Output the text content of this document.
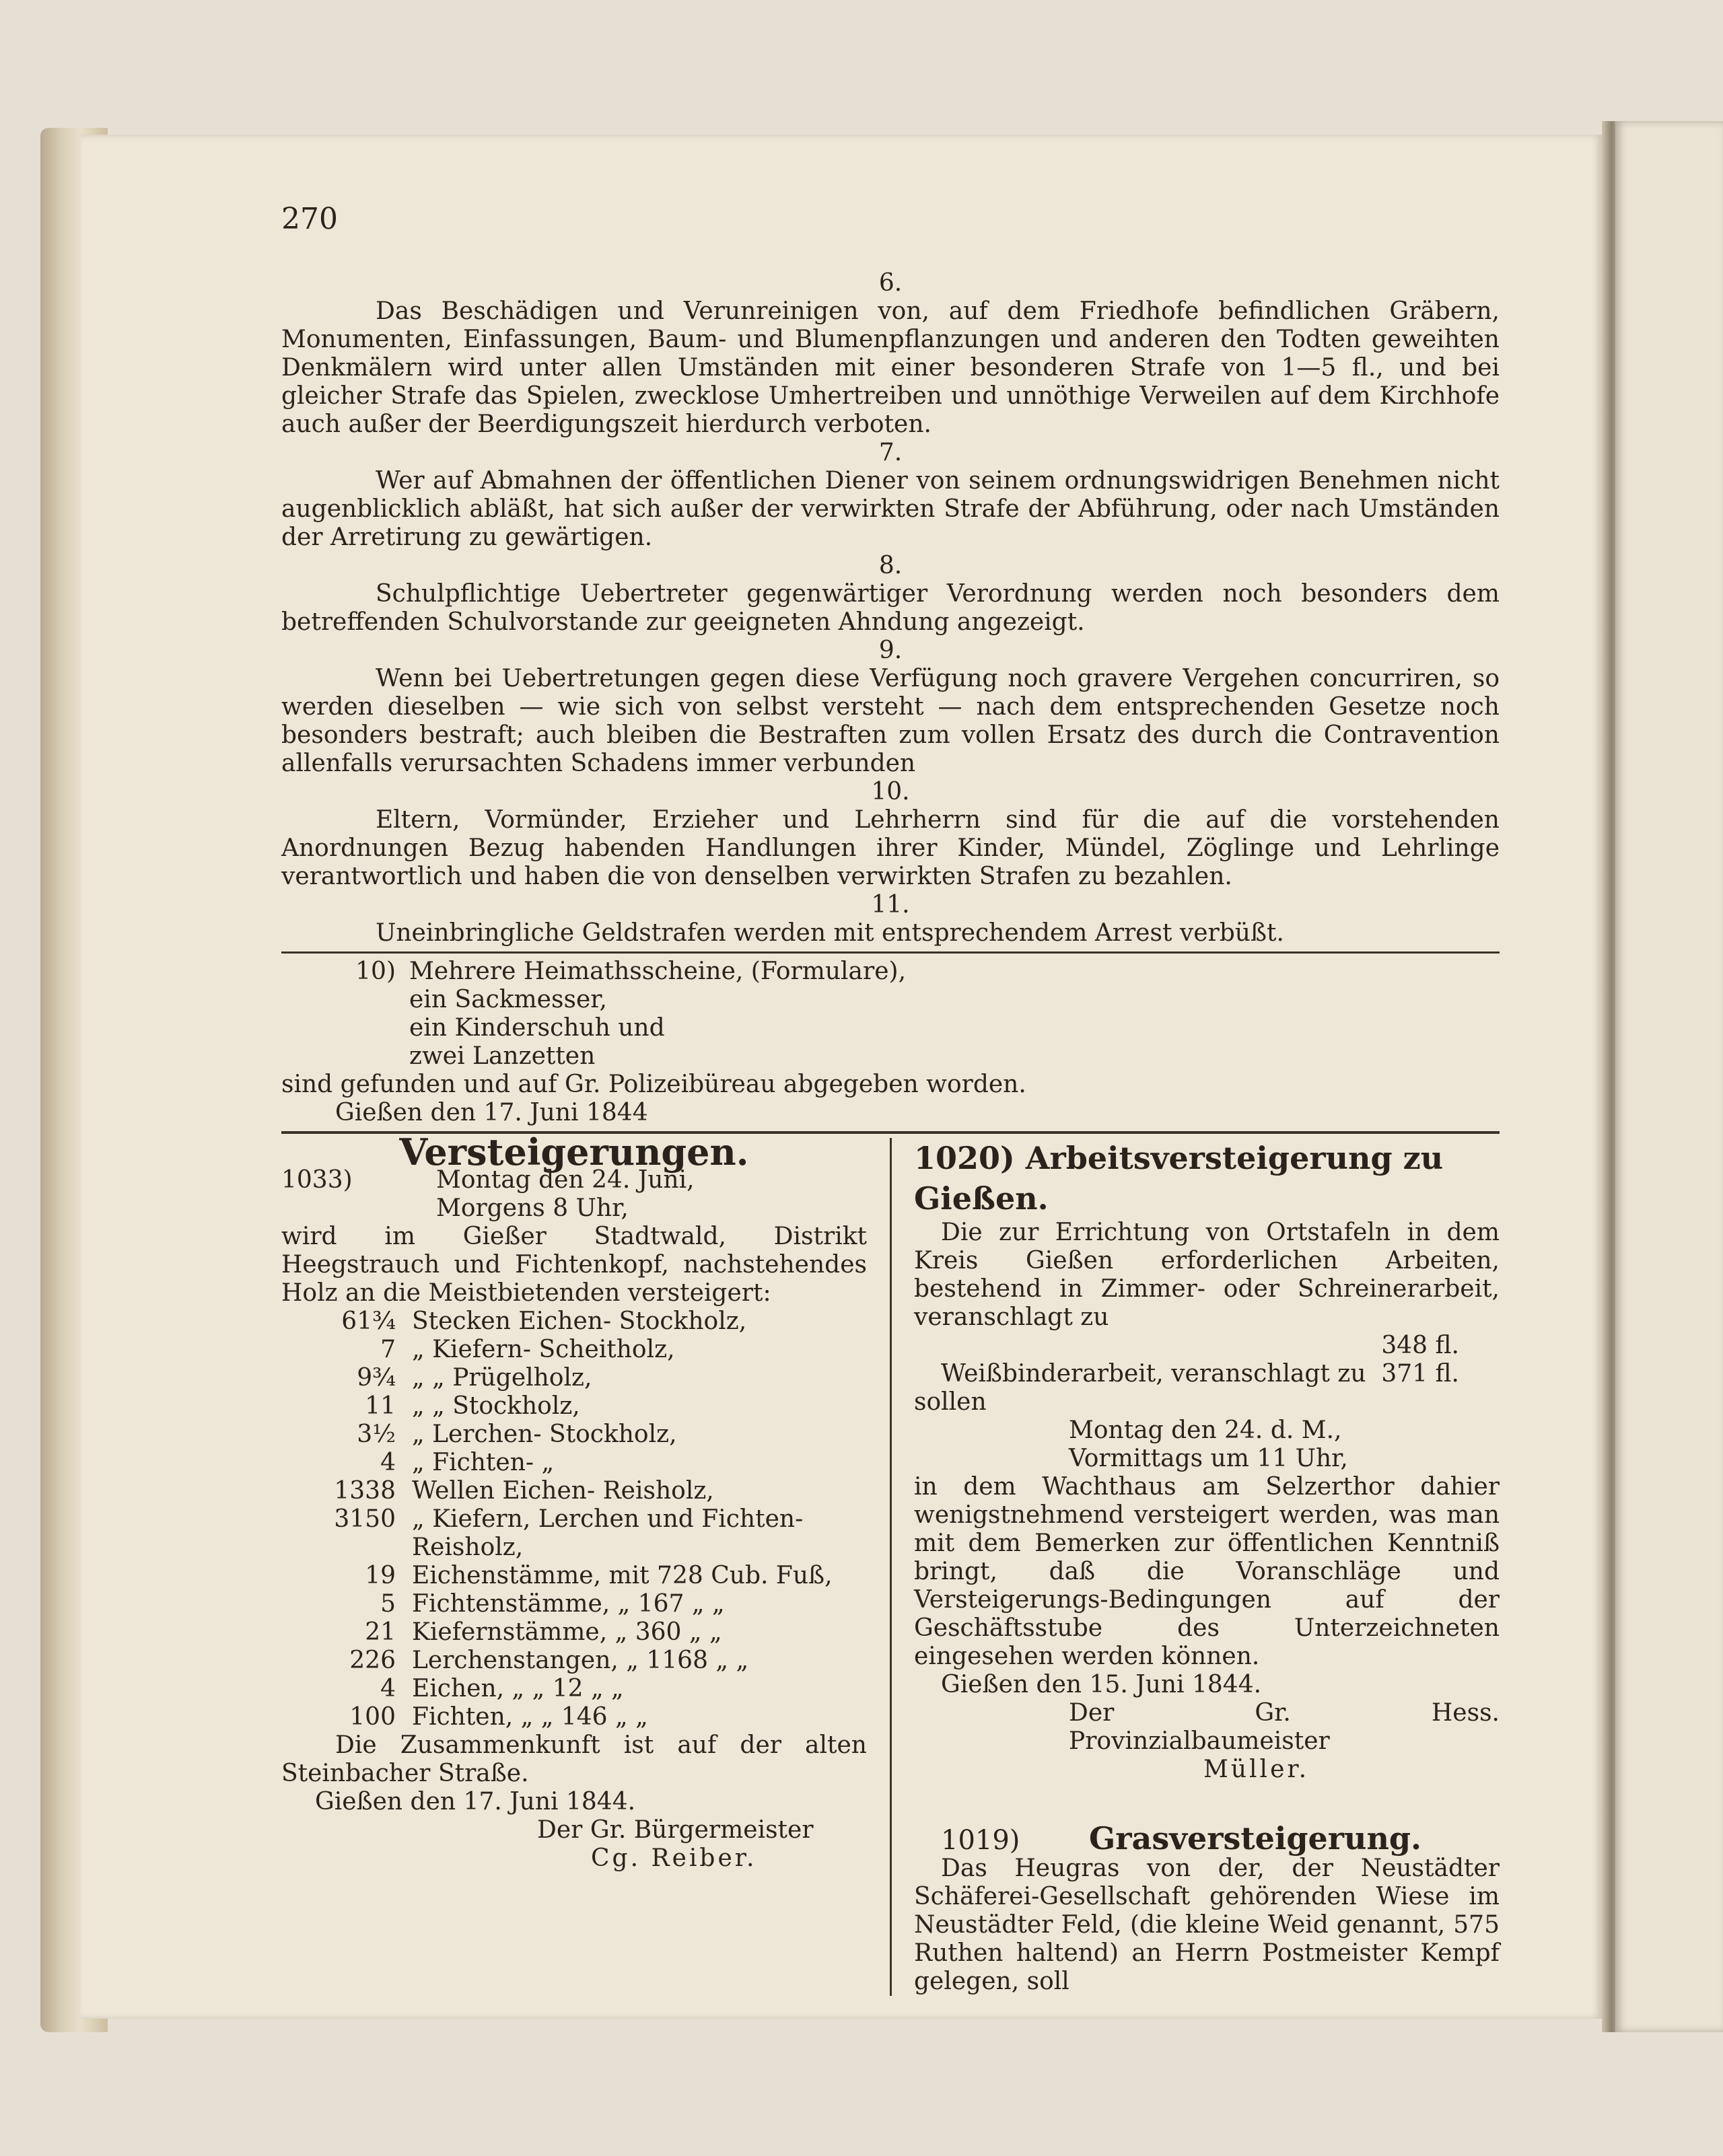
270
6.

Das Beschädigen und Verunreinigen von, auf dem Friedhofe befindlichen Gräbern, Monumenten, Einfassungen, Baum- und Blumenpflanzungen und anderen den Todten geweihten Denkmälern wird unter allen Umständen mit einer besonderen Strafe von 1—5 fl., und bei gleicher Strafe das Spielen, zwecklose Umhertreiben und unnöthige Verweilen auf dem Kirchhofe auch außer der Beerdigungszeit hierdurch verboten.

7.

Wer auf Abmahnen der öffentlichen Diener von seinem ordnungswidrigen Benehmen nicht augenblicklich abläßt, hat sich außer der verwirkten Strafe der Abführung, oder nach Umständen der Arretirung zu gewärtigen.

8.

Schulpflichtige Uebertreter gegenwärtiger Verordnung werden noch besonders dem betreffenden Schulvorstande zur geeigneten Ahndung angezeigt.

9.

Wenn bei Uebertretungen gegen diese Verfügung noch gravere Vergehen concurriren, so werden dieselben — wie sich von selbst versteht — nach dem entsprechenden Gesetze noch besonders bestraft; auch bleiben die Bestraften zum vollen Ersatz des durch die Contravention allenfalls verursachten Schadens immer verbunden

10.

Eltern, Vormünder, Erzieher und Lehrherrn sind für die auf die vorstehenden Anordnungen Bezug habenden Handlungen ihrer Kinder, Mündel, Zöglinge und Lehrlinge verantwortlich und haben die von denselben verwirkten Strafen zu bezahlen.

11.

Uneinbringliche Geldstrafen werden mit entsprechendem Arrest verbüßt.

10) Mehrere Heimathsscheine, (Formulare),
ein Sackmesser,
ein Kinderschuh und
zwei Lanzetten

sind gefunden und auf Gr. Polizeibüreau abgegeben worden.

Gießen den 17. Juni 1844

Versteigerungen.
1033)	Montag den 24. Juni,
Morgens 8 Uhr,

wird im Gießer Stadtwald, Distrikt Heegstrauch und Fichtenkopf, nachstehendes Holz an die Meistbietenden versteigert:

61¾	Stecken Eichen- Stockholz,
7	„ Kiefern- Scheitholz,
9¾	„ „ Prügelholz,
11	„ „ Stockholz,
3½	„ Lerchen- Stockholz,
4	„ Fichten- „
1338	Wellen Eichen- Reisholz,
3150	„ Kiefern, Lerchen und Fichten-Reisholz,
19	Eichenstämme, mit 728 Cub. Fuß,
5	Fichtenstämme, „ 167 „ „
21	Kiefernstämme, „ 360 „ „
226	Lerchenstangen, „ 1168 „ „
4	Eichen, „ „ 12 „ „
100	Fichten, „ „ 146 „ „

Die Zusammenkunft ist auf der alten Steinbacher Straße.

Gießen den 17. Juni 1844.

Der Gr. Bürgermeister

Cg. Reiber.

1020) Arbeitsversteigerung zu Gießen.

Die zur Errichtung von Ortstafeln in dem Kreis Gießen erforderlichen Arbeiten, bestehend in Zimmer- oder Schreinerarbeit, veranschlagt zu

348 fl.

Weißbinderarbeit, veranschlagt zu 371 fl.

sollen

Montag den 24. d. M.,

Vormittags um 11 Uhr,

in dem Wachthaus am Selzerthor dahier wenigstnehmend versteigert werden, was man mit dem Bemerken zur öffentlichen Kenntniß bringt, daß die Voranschläge und Versteigerungs-Bedingungen auf der Geschäftsstube des Unterzeichneten eingesehen werden können.

Gießen den 15. Juni 1844.

Der Gr. Hess. Provinzialbaumeister

Müller.

1019)	Grasversteigerung.

Das Heugras von der, der Neustädter Schäferei-Gesellschaft gehörenden Wiese im Neustädter Feld, (die kleine Weid genannt, 575 Ruthen haltend) an Herrn Postmeister Kempf gelegen, soll
